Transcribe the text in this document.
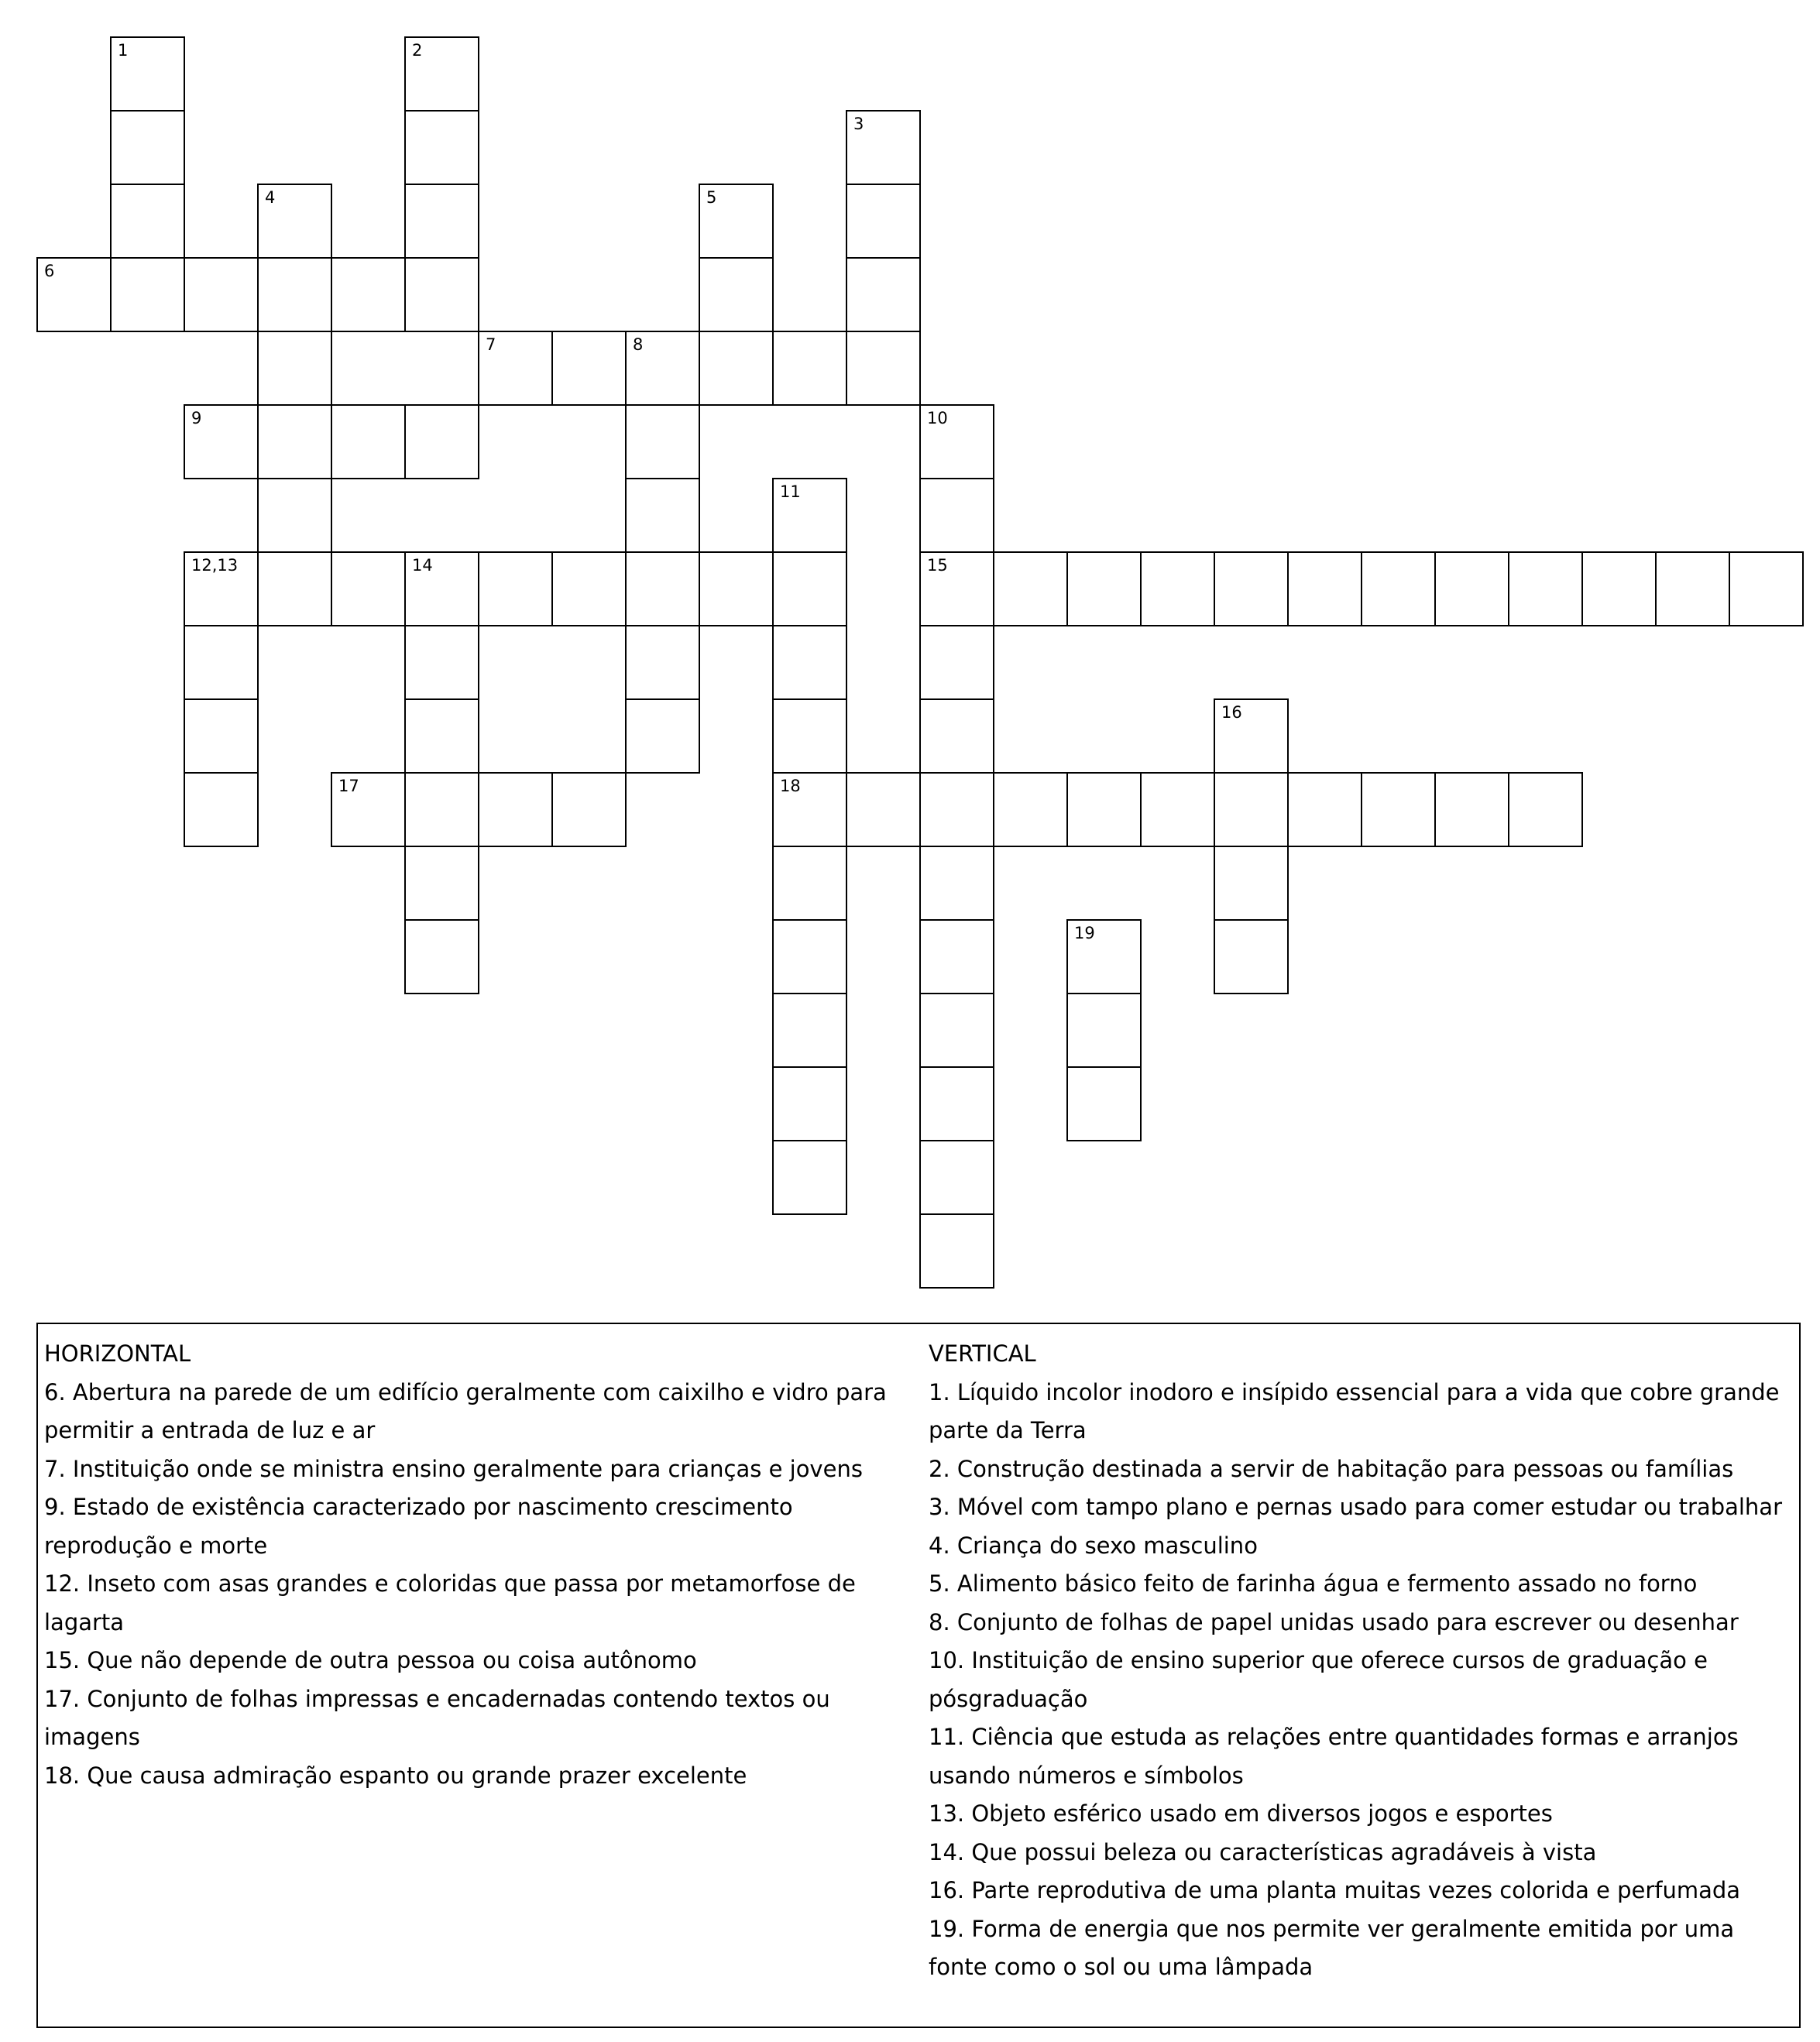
1	2
3
4	5
6
7	8
9	10
15
11
18
12,13	14
16
17
19

HORIZONTAL

6. Abertura na parede de um edifício geralmente com caixilho e vidro para permitir a entrada de luz e ar

7. Instituição onde se ministra ensino geralmente para crianças e jovens

9. Estado de existência caracterizado por nascimento crescimento reprodução e morte

12. Inseto com asas grandes e coloridas que passa por metamorfose de lagarta

15. Que não depende de outra pessoa ou coisa autônomo

17. Conjunto de folhas impressas e encadernadas contendo textos ou imagens

18. Que causa admiração espanto ou grande prazer excelente

VERTICAL

1. Líquido incolor inodoro e insípido essencial para a vida que cobre grande parte da Terra

2. Construção destinada a servir de habitação para pessoas ou famílias

3. Móvel com tampo plano e pernas usado para comer estudar ou trabalhar

4. Criança do sexo masculino

5. Alimento básico feito de farinha água e fermento assado no forno

8. Conjunto de folhas de papel unidas usado para escrever ou desenhar

10. Instituição de ensino superior que oferece cursos de graduação e pósgraduação

11. Ciência que estuda as relações entre quantidades formas e arranjos usando números e símbolos

13. Objeto esférico usado em diversos jogos e esportes

14. Que possui beleza ou características agradáveis à vista

16. Parte reprodutiva de uma planta muitas vezes colorida e perfumada

19. Forma de energia que nos permite ver geralmente emitida por uma fonte como o sol ou uma lâmpada
